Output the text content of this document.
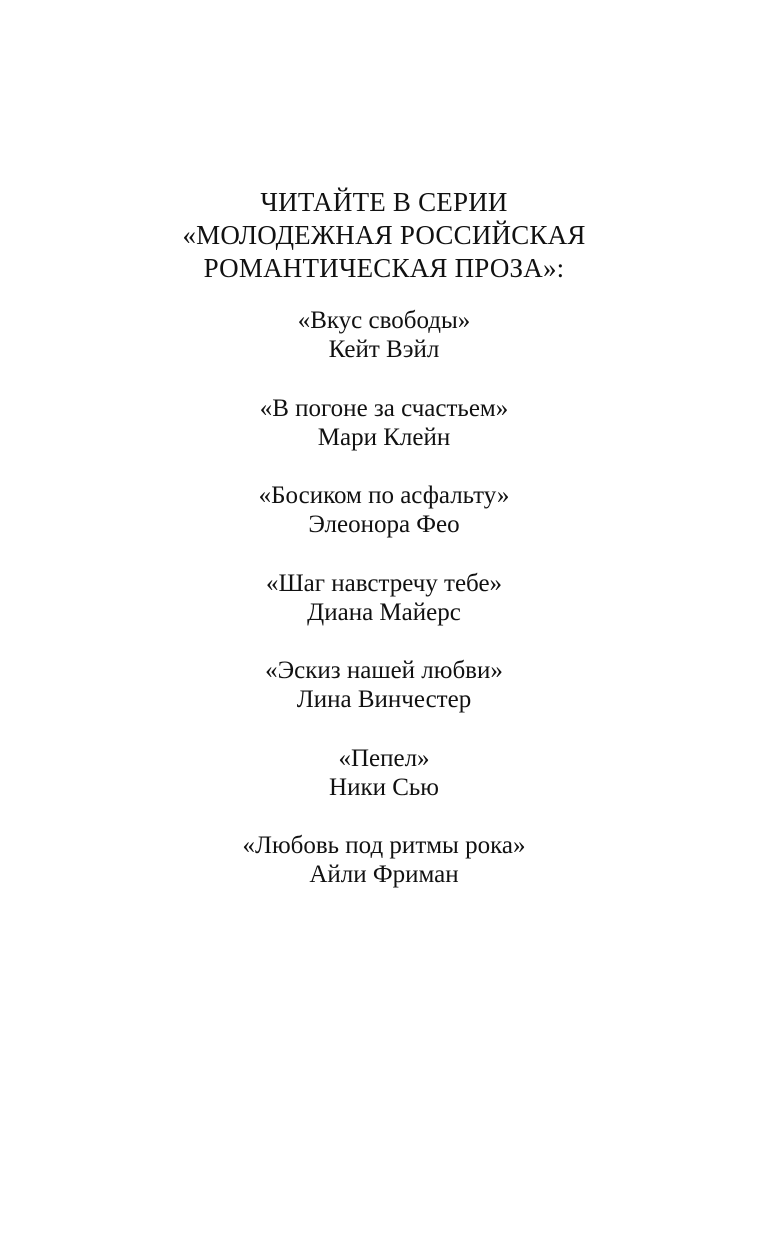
ЧИТАЙТЕ В СЕРИИ
«МОЛОДЕЖНАЯ РОССИЙСКАЯ
РОМАНТИЧЕСКАЯ ПРОЗА»:
«Вкус свободы»
Кейт Вэйл
«В погоне за счастьем»
Мари Клейн
«Босиком по асфальту»
Элеонора Фео
«Шаг навстречу тебе»
Диана Майерс
«Эскиз нашей любви»
Лина Винчестер
«Пепел»
Ники Сью
«Любовь под ритмы рока»
Айли Фриман
